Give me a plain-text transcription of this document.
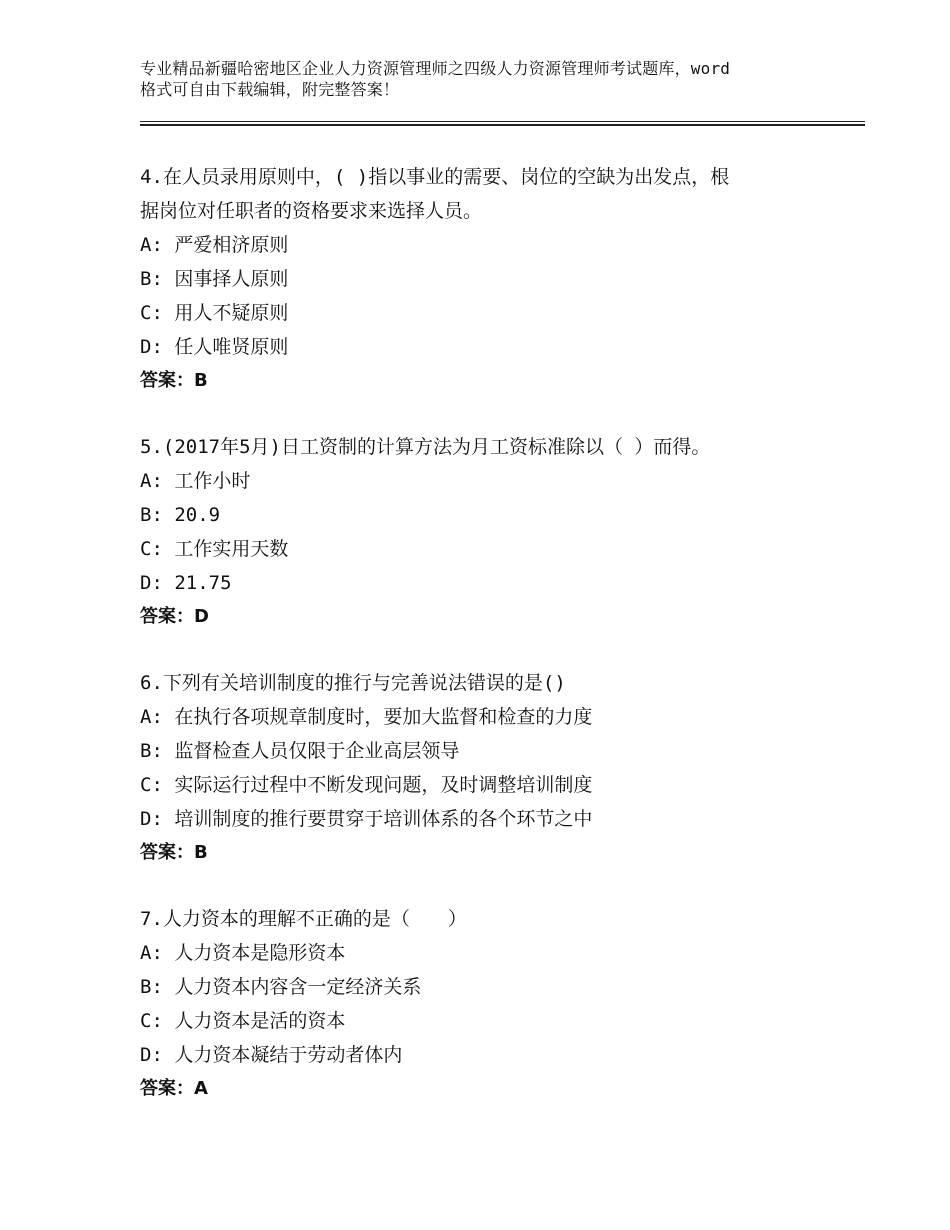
专业精品新疆哈密地区企业人力资源管理师之四级人力资源管理师考试题库，word
格式可自由下载编辑，附完整答案！
4.在人员录用原则中，( )指以事业的需要、岗位的空缺为出发点，根
据岗位对任职者的资格要求来选择人员。
A: 严爱相济原则
B: 因事择人原则
C: 用人不疑原则
D: 任人唯贤原则
答案：B
5.(2017年5月)日工资制的计算方法为月工资标准除以（ ）而得。
A: 工作小时
B: 20.9
C: 工作实用天数
D: 21.75
答案：D
6.下列有关培训制度的推行与完善说法错误的是()
A: 在执行各项规章制度时，要加大监督和检查的力度
B: 监督检查人员仅限于企业高层领导
C: 实际运行过程中不断发现问题，及时调整培训制度
D: 培训制度的推行要贯穿于培训体系的各个环节之中
答案：B
7.人力资本的理解不正确的是（　　）
A: 人力资本是隐形资本
B: 人力资本内容含一定经济关系
C: 人力资本是活的资本
D: 人力资本凝结于劳动者体内
答案：A
